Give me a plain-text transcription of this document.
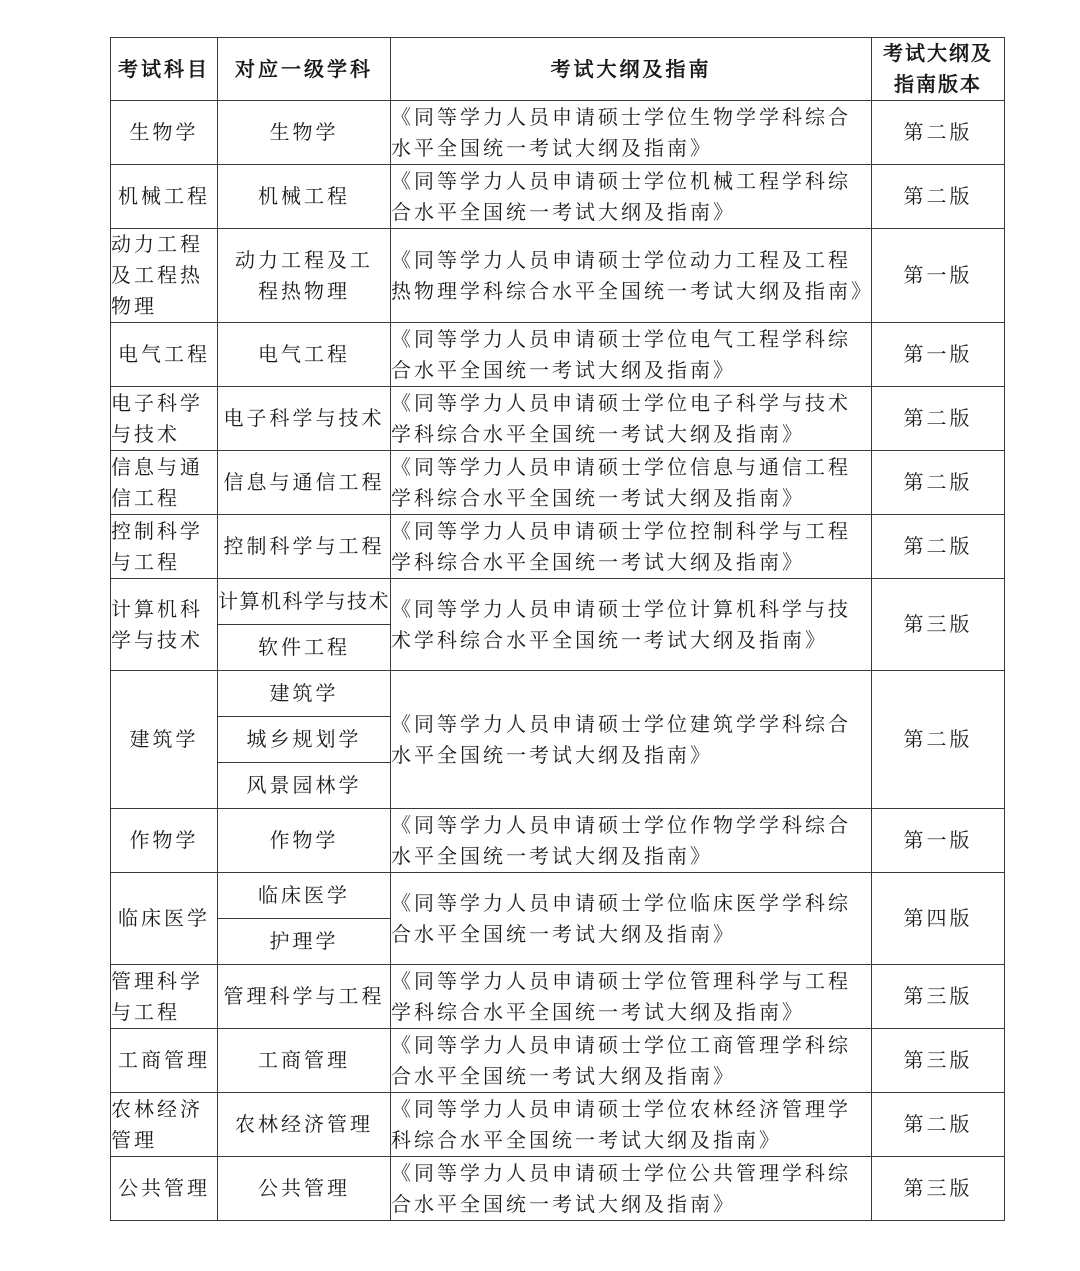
考试科目	对应一级学科	考试大纲及指南	考试大纲及指南版本
生物学	生物学	《同等学力人员申请硕士学位生物学学科综合水平全国统一考试大纲及指南》	第二版
机械工程	机械工程	《同等学力人员申请硕士学位机械工程学科综合水平全国统一考试大纲及指南》	第二版
动力工程及工程热物理	动力工程及工程热物理	《同等学力人员申请硕士学位动力工程及工程热物理学科综合水平全国统一考试大纲及指南》	第一版
电气工程	电气工程	《同等学力人员申请硕士学位电气工程学科综合水平全国统一考试大纲及指南》	第一版
电子科学与技术	电子科学与技术	《同等学力人员申请硕士学位电子科学与技术学科综合水平全国统一考试大纲及指南》	第二版
信息与通信工程	信息与通信工程	《同等学力人员申请硕士学位信息与通信工程学科综合水平全国统一考试大纲及指南》	第二版
控制科学与工程	控制科学与工程	《同等学力人员申请硕士学位控制科学与工程学科综合水平全国统一考试大纲及指南》	第二版
计算机科学与技术	计算机科学与技术	《同等学力人员申请硕士学位计算机科学与技术学科综合水平全国统一考试大纲及指南》	第三版
	软件工程		
建筑学	建筑学	《同等学力人员申请硕士学位建筑学学科综合水平全国统一考试大纲及指南》	第二版
	城乡规划学		
	风景园林学		
作物学	作物学	《同等学力人员申请硕士学位作物学学科综合水平全国统一考试大纲及指南》	第一版
临床医学	临床医学	《同等学力人员申请硕士学位临床医学学科综合水平全国统一考试大纲及指南》	第四版
	护理学		
管理科学与工程	管理科学与工程	《同等学力人员申请硕士学位管理科学与工程学科综合水平全国统一考试大纲及指南》	第三版
工商管理	工商管理	《同等学力人员申请硕士学位工商管理学科综合水平全国统一考试大纲及指南》	第三版
农林经济管理	农林经济管理	《同等学力人员申请硕士学位农林经济管理学科综合水平全国统一考试大纲及指南》	第二版
公共管理	公共管理	《同等学力人员申请硕士学位公共管理学科综合水平全国统一考试大纲及指南》	第三版
